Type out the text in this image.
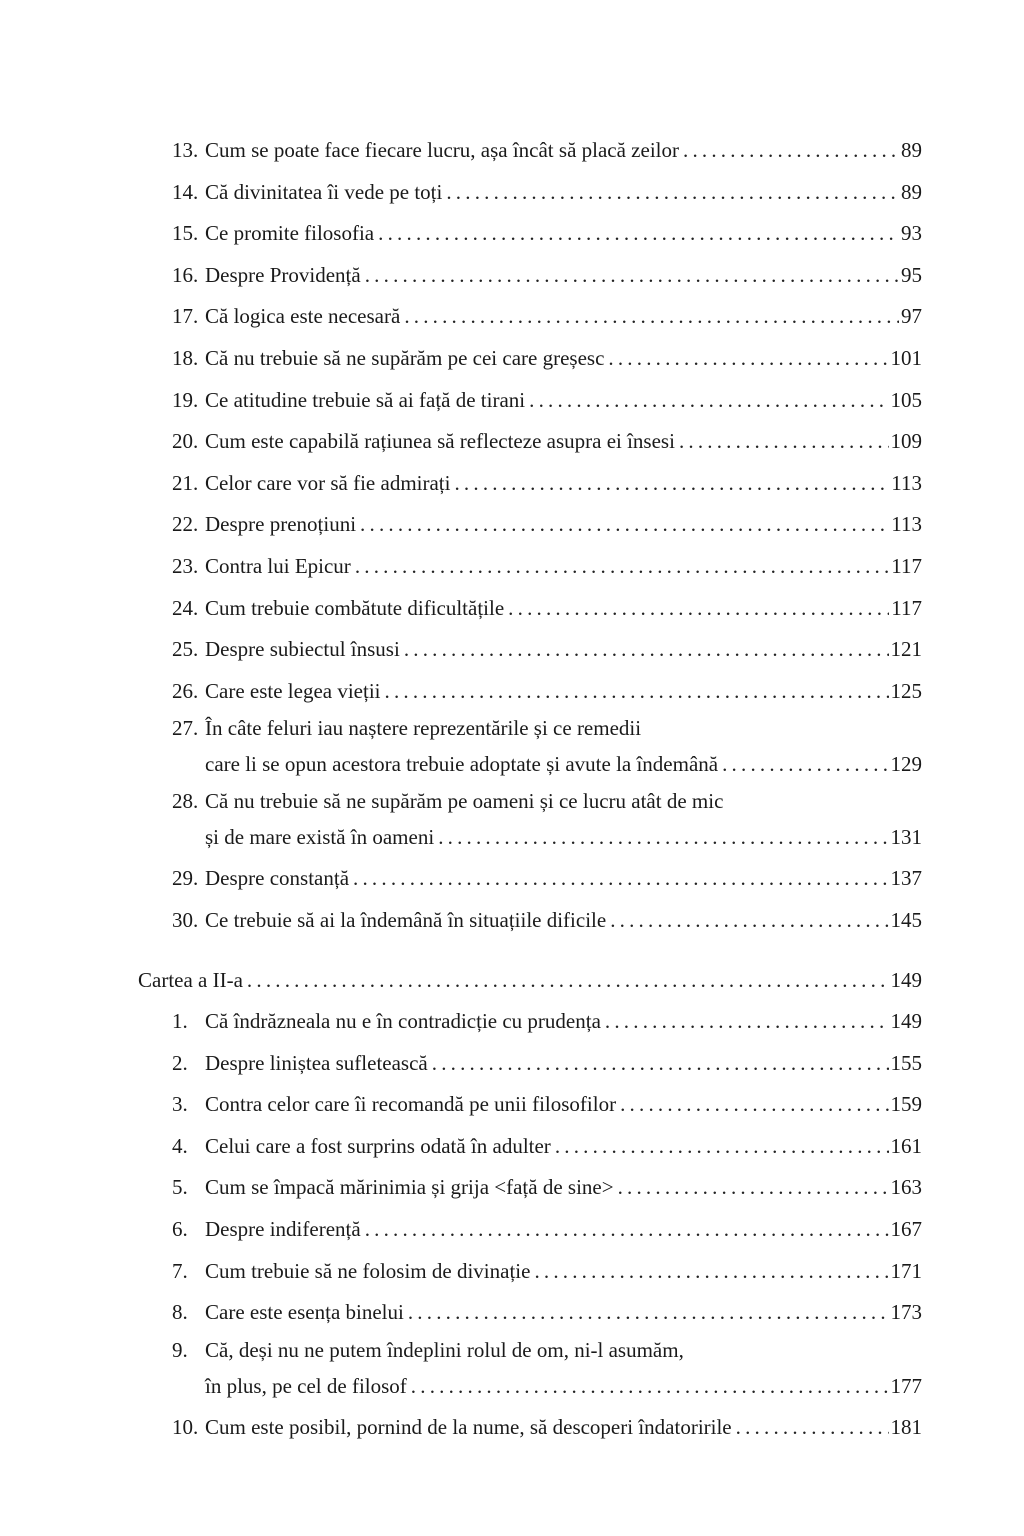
13. Cum se poate face fiecare lucru, așa încât să placă zeilor .....	89
14. Că divinitatea îi vede pe toți .....	89
15. Ce promite filosofia .....	93
16. Despre Providență .....	95
17. Că logica este necesară .....	97
18. Că nu trebuie să ne supărăm pe cei care greșesc .....	101
19. Ce atitudine trebuie să ai față de tirani .....	105
20. Cum este capabilă rațiunea să reflecteze asupra ei însesi .....	109
21. Celor care vor să fie admirați .....	113
22. Despre prenoțiuni .....	113
23. Contra lui Epicur .....	117
24. Cum trebuie combătute dificultățile .....	117
25. Despre subiectul însusi .....	121
26. Care este legea vieții .....	125
27. În câte feluri iau naștere reprezentările și ce remedii
care li se opun acestora trebuie adoptate și avute la îndemână .....	129
28. Că nu trebuie să ne supărăm pe oameni și ce lucru atât de mic
și de mare există în oameni .....	131
29. Despre constanță .....	137
30. Ce trebuie să ai la îndemână în situațiile dificile .....	145
Cartea a II-a .....	149
1. Că îndrăzneala nu e în contradicție cu prudența .....	149
2. Despre liniștea sufletească .....	155
3. Contra celor care îi recomandă pe unii filosofilor .....	159
4. Celui care a fost surprins odată în adulter .....	161
5. Cum se împacă mărinimia și grija <față de sine> .....	163
6. Despre indiferență .....	167
7. Cum trebuie să ne folosim de divinație .....	171
8. Care este esența binelui .....	173
9. Că, deși nu ne putem îndeplini rolul de om, ni-l asumăm,
în plus, pe cel de filosof .....	177
10. Cum este posibil, pornind de la nume, să descoperi îndatoririle .....	181
